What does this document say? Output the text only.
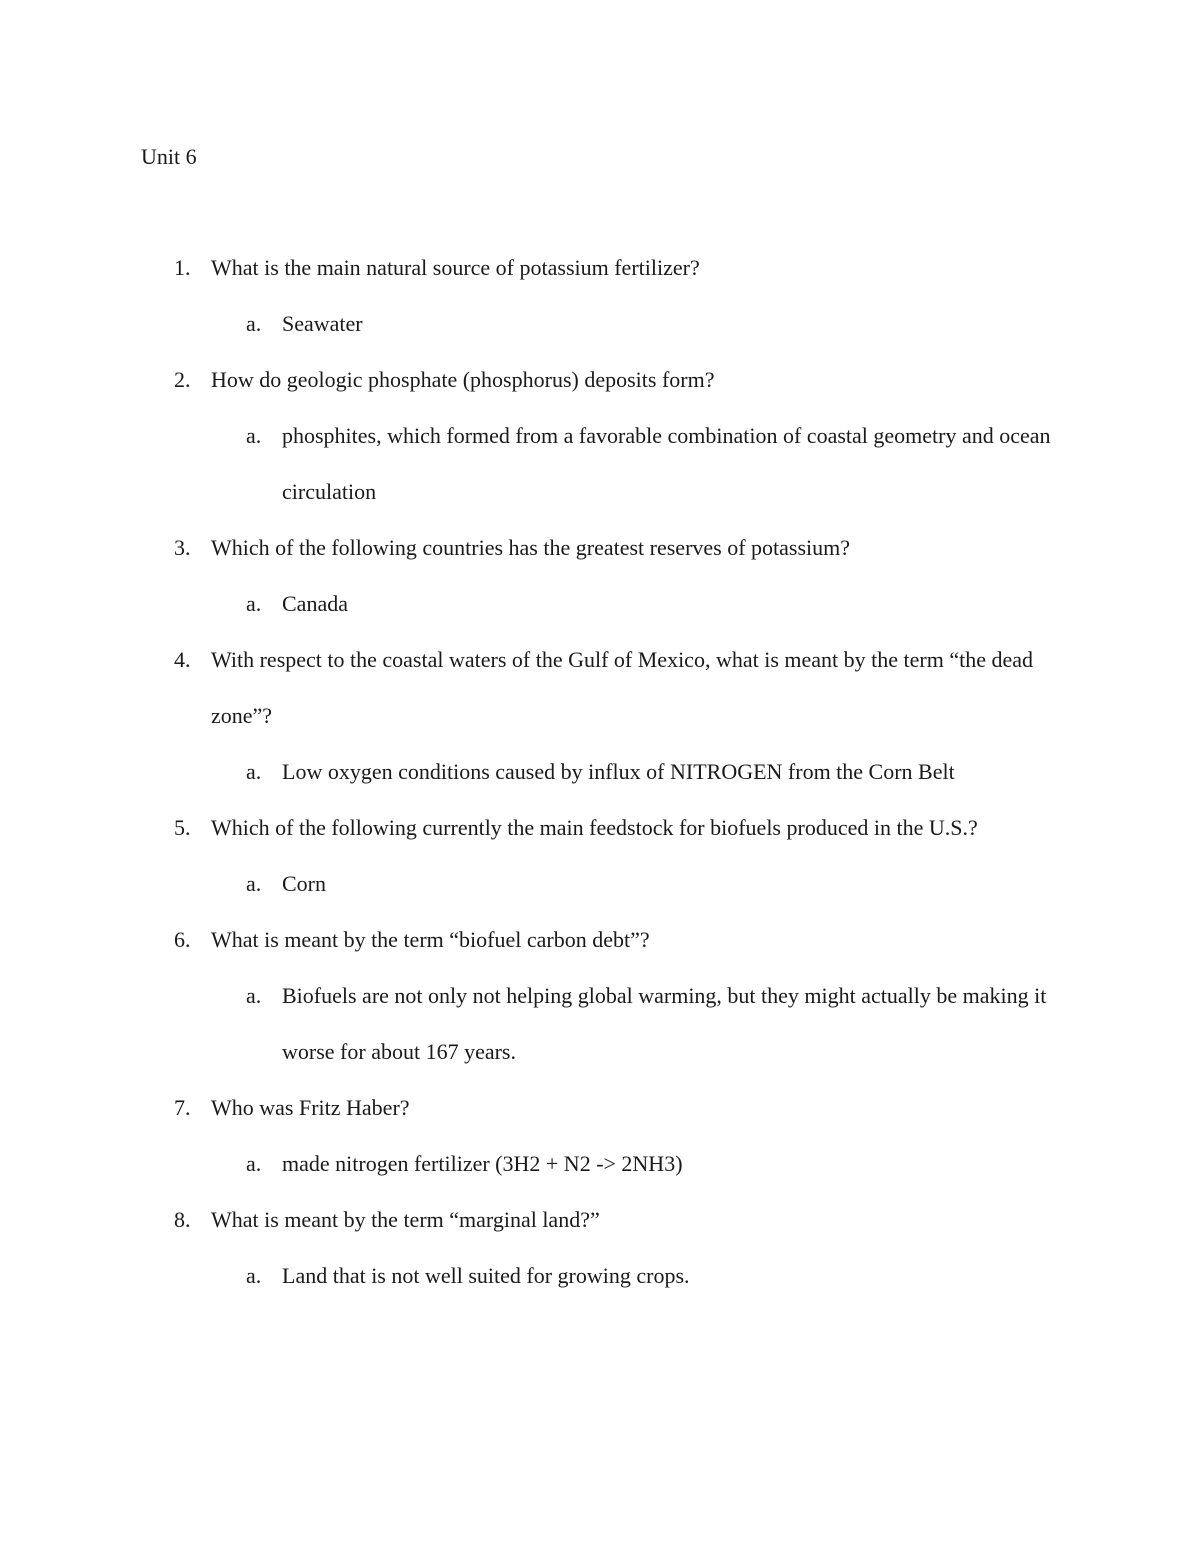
Unit 6
1. What is the main natural source of potassium fertilizer?
a. Seawater
2. How do geologic phosphate (phosphorus) deposits form?
a. phosphites, which formed from a favorable combination of coastal geometry and ocean circulation
3. Which of the following countries has the greatest reserves of potassium?
a. Canada
4. With respect to the coastal waters of the Gulf of Mexico, what is meant by the term “the dead zone”?
a. Low oxygen conditions caused by influx of NITROGEN from the Corn Belt
5. Which of the following currently the main feedstock for biofuels produced in the U.S.?
a. Corn
6. What is meant by the term “biofuel carbon debt”?
a. Biofuels are not only not helping global warming, but they might actually be making it worse for about 167 years.
7. Who was Fritz Haber?
a. made nitrogen fertilizer (3H2 + N2 -> 2NH3)
8. What is meant by the term “marginal land?”
a. Land that is not well suited for growing crops.
